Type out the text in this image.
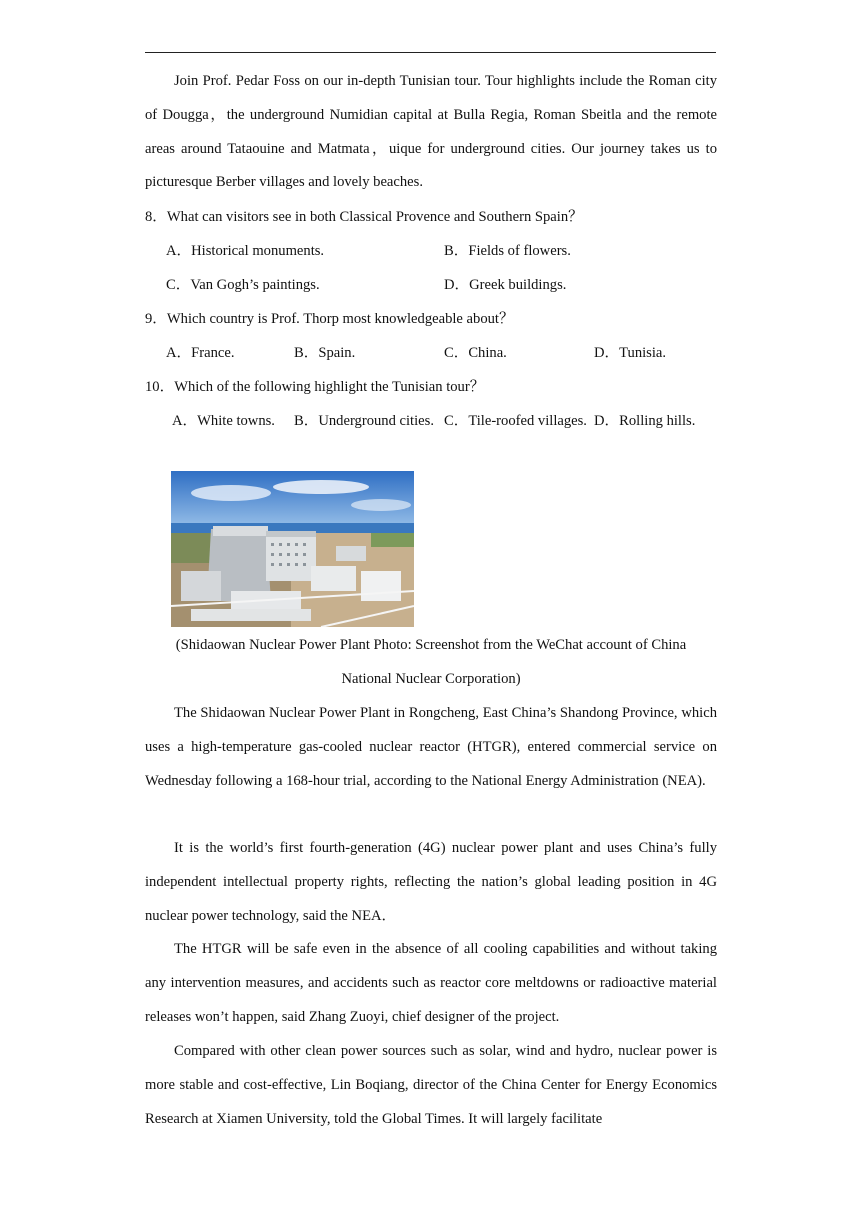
Join Prof. Pedar Foss on our in-depth Tunisian tour. Tour highlights include the Roman city of Dougga，the underground Numidian capital at Bulla Regia, Roman Sbeitla and the remote areas around Tataouine and Matmata，uique for underground cities. Our journey takes us to picturesque Berber villages and lovely beaches.

8．What can visitors see in both Classical Provence and Southern Spain？

A．Historical monuments.	B．Fields of flowers.
C．Van Gogh’s paintings.	D．Greek buildings.

9．Which country is Prof. Thorp most knowledgeable about？

A．France.	B．Spain.	C．China.	D．Tunisia.

10．Which of the following highlight the Tunisian tour？

A．White towns. B．Underground cities. C．Tile-roofed villages. D．Rolling hills.

(Shidaowan Nuclear Power Plant Photo: Screenshot from the WeChat account of China

National Nuclear Corporation)

The Shidaowan Nuclear Power Plant in Rongcheng, East China’s Shandong Province, which uses a high-temperature gas-cooled nuclear reactor (HTGR), entered commercial service on Wednesday following a 168-hour trial, according to the National Energy Administration (NEA).

It is the world’s first fourth-generation (4G) nuclear power plant and uses China’s fully independent intellectual property rights, reflecting the nation’s global leading position in 4G nuclear power technology, said the NEA．

The HTGR will be safe even in the absence of all cooling capabilities and without taking any intervention measures, and accidents such as reactor core meltdowns or radioactive material releases won’t happen, said Zhang Zuoyi, chief designer of the project.

Compared with other clean power sources such as solar, wind and hydro, nuclear power is more stable and cost-effective, Lin Boqiang, director of the China Center for Energy Economics Research at Xiamen University, told the Global Times. It will largely facilitate
